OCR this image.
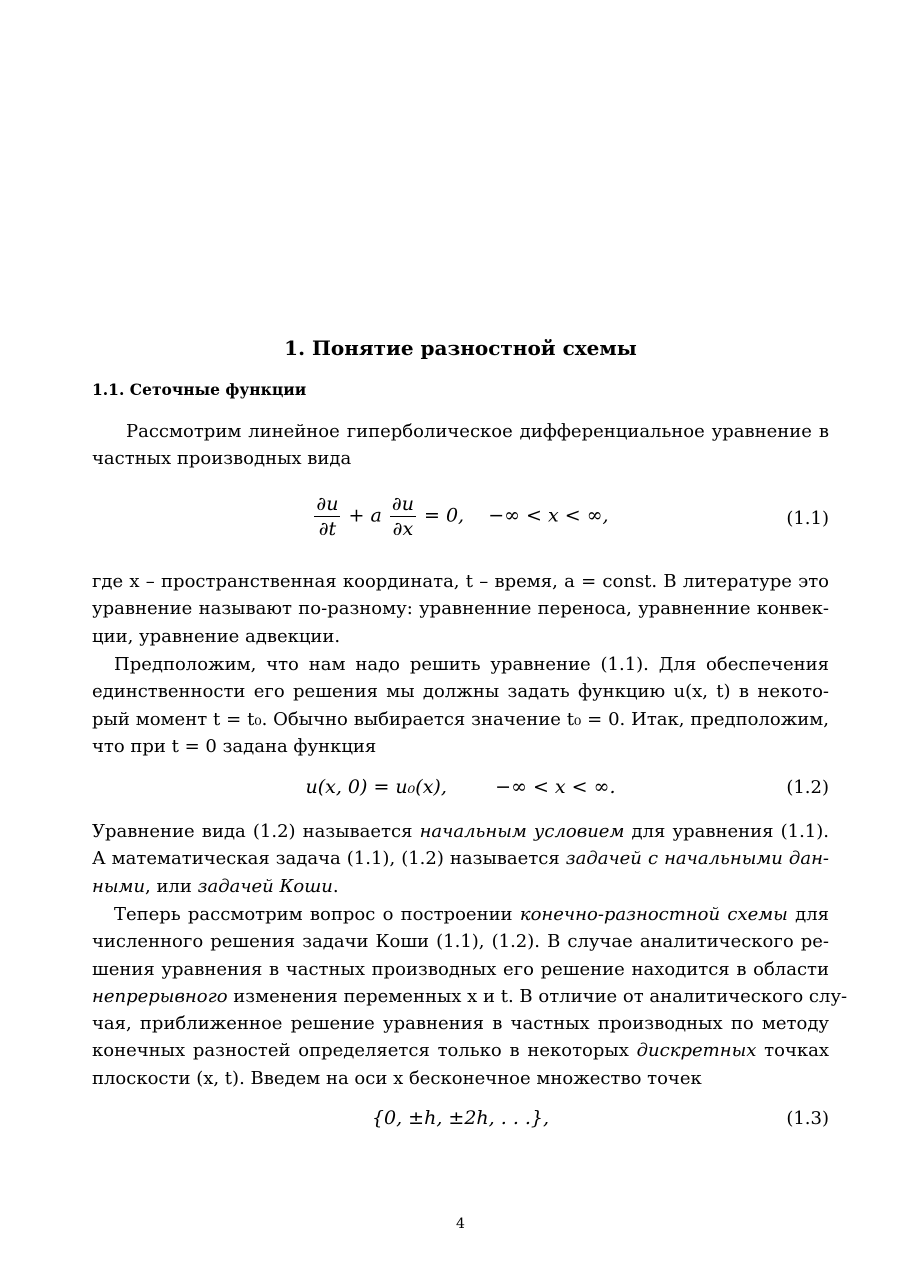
1. Понятие разностной схемы
1.1. Сеточные функции
Рассмотрим линейное гиперболическое дифференциальное уравнение в
частных производных вида
$\frac{\partial u}{\partial t} + a \frac{\partial u}{\partial x} = 0$,    −∞ < x < ∞,	(1.1)
где x – пространственная координата, t – время, a = const. В литературе это
уравнение называют по-разному: уравненние переноса, уравненние конвек-
ции, уравнение адвекции.
Предположим, что нам надо решить уравнение (1.1). Для обеспечения
единственности его решения мы должны задать функцию u(x, t) в некото-
рый момент t = t₀. Обычно выбирается значение t₀ = 0. Итак, предположим,
что при t = 0 задана функция
u(x, 0) = u₀(x),        −∞ < x < ∞.	(1.2)
Уравнение вида (1.2) называется начальным условием для уравнения (1.1).
А математическая задача (1.1), (1.2) называется задачей с начальными дан-
ными, или задачей Коши.
Теперь рассмотрим вопрос о построении конечно-разностной схемы для
численного решения задачи Коши (1.1), (1.2). В случае аналитического ре-
шения уравнения в частных производных его решение находится в области
непрерывного изменения переменных x и t. В отличие от аналитического слу-
чая, приближенное решение уравнения в частных производных по методу
конечных разностей определяется только в некоторых дискретных точках
плоскости (x, t). Введем на оси x бесконечное множество точек
{0, ±h, ±2h, . . .},	(1.3)
4
